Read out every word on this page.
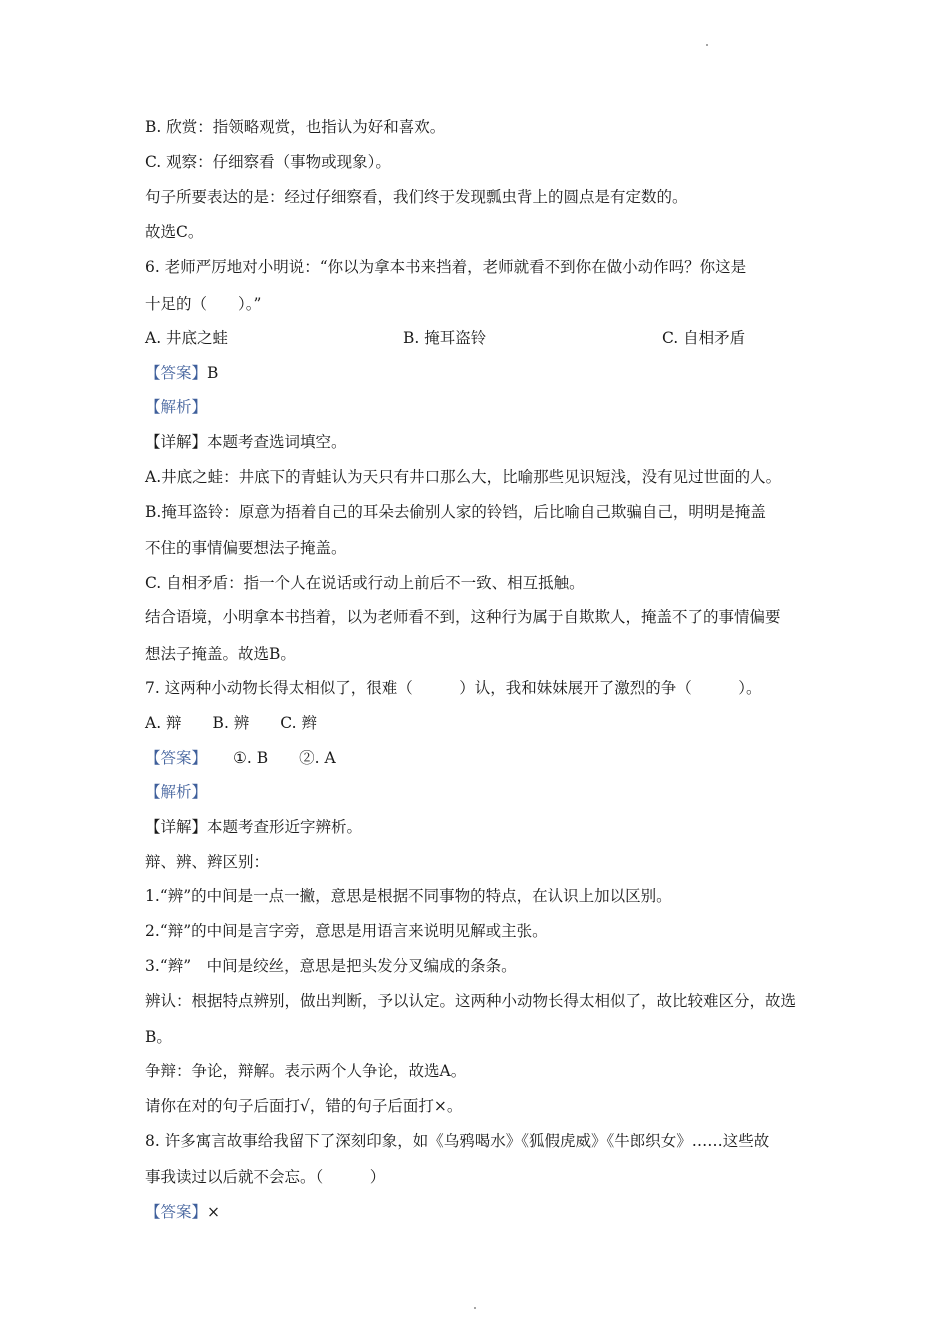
B. 欣赏：指领略观赏，也指认为好和喜欢。
C. 观察：仔细察看（事物或现象）。
句子所要表达的是：经过仔细察看，我们终于发现瓢虫背上的圆点是有定数的。
故选C。
6. 老师严厉地对小明说：“你以为拿本书来挡着，老师就看不到你在做小动作吗？你这是
十足的（　　）。”
A. 井底之蛙	B. 掩耳盗铃	C. 自相矛盾
【答案】B
【解析】
【详解】本题考查选词填空。
A.井底之蛙：井底下的青蛙认为天只有井口那么大，比喻那些见识短浅，没有见过世面的人。
B.掩耳盗铃：原意为捂着自己的耳朵去偷别人家的铃铛，后比喻自己欺骗自己，明明是掩盖
不住的事情偏要想法子掩盖。
C. 自相矛盾：指一个人在说话或行动上前后不一致、相互抵触。
结合语境，小明拿本书挡着，以为老师看不到，这种行为属于自欺欺人，掩盖不了的事情偏要
想法子掩盖。故选B。
7. 这两种小动物长得太相似了，很难（　　　）认，我和妹妹展开了激烈的争（　　　）。
A. 辩　　B. 辨　　C. 辫
【答案】 ①. B　　②. A
【解析】
【详解】本题考查形近字辨析。
辩、辨、辫区别：
1.“辨”的中间是一点一撇，意思是根据不同事物的特点，在认识上加以区别。
2.“辩”的中间是言字旁，意思是用语言来说明见解或主张。
3.“辫”　中间是绞丝，意思是把头发分叉编成的条条。
辨认：根据特点辨别，做出判断，予以认定。这两种小动物长得太相似了，故比较难区分，故选
B。
争辩：争论，辩解。表示两个人争论，故选A。
请你在对的句子后面打√，错的句子后面打×。
8. 许多寓言故事给我留下了深刻印象，如《乌鸦喝水》《狐假虎威》《牛郎织女》……这些故
事我读过以后就不会忘。（　　　）
【答案】×
